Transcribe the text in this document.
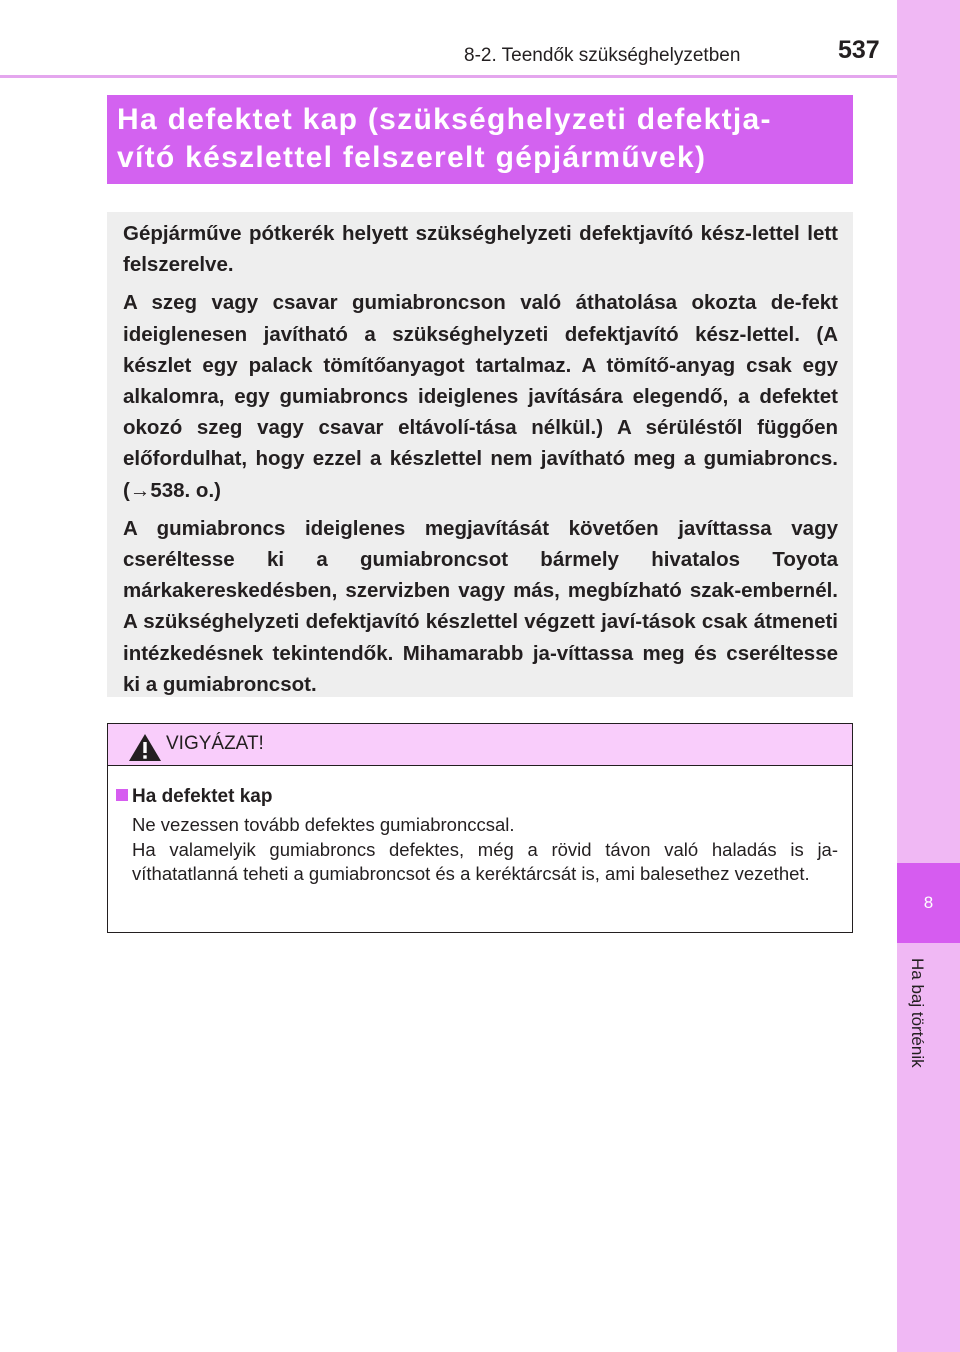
8
Ha baj történik
8-2. Teendők szükséghelyzetben	537
Ha defektet kap (szükséghelyzeti defektja-
vító készlettel felszerelt gépjárművek)

Gépjárműve pótkerék helyett szükséghelyzeti defektjavító kész-lettel lett felszerelve.

A szeg vagy csavar gumiabroncson való áthatolása okozta de-fekt ideiglenesen javítható a szükséghelyzeti defektjavító kész-lettel. (A készlet egy palack tömítőanyagot tartalmaz. A tömítő-anyag csak egy alkalomra, egy gumiabroncs ideiglenes javítására elegendő, a defektet okozó szeg vagy csavar eltávolí-tása nélkül.) A sérüléstől függően előfordulhat, hogy ezzel a készlettel nem javítható meg a gumiabroncs. (→538. o.)

A gumiabroncs ideiglenes megjavítását követően javíttassa vagy cseréltesse ki a gumiabroncsot bármely hivatalos Toyota márkakereskedésben, szervizben vagy más, megbízható szak-embernél. A szükséghelyzeti defektjavító készlettel végzett javí-tások csak átmeneti intézkedésnek tekintendők. Mihamarabb ja-víttassa meg és cseréltesse ki a gumiabroncsot.

VIGYÁZAT!
Ha defektet kap

Ne vezessen tovább defektes gumiabronccsal.
Ha valamelyik gumiabroncs defektes, még a rövid távon való haladás is ja-víthatatlanná teheti a gumiabroncsot és a keréktárcsát is, ami balesethez vezethet.
